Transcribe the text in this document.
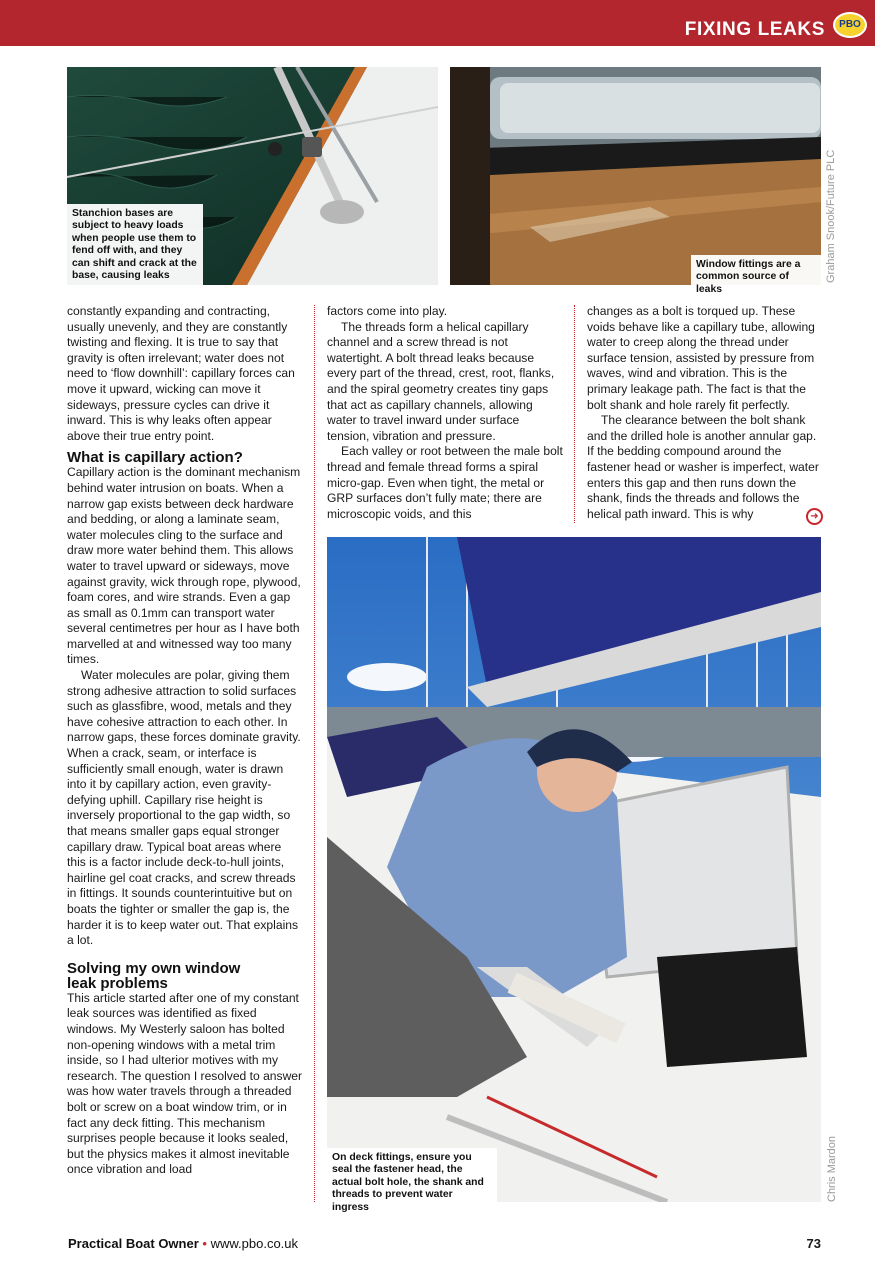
FIXING LEAKS	PBO
Stanchion bases are subject to heavy loads when people use them to fend off with, and they can shift and crack at the base, causing leaks
Window fittings are a common source of leaks
Graham Snook/Future PLC

constantly expanding and contracting, usually unevenly, and they are constantly twisting and flexing. It is true to say that gravity is often irrelevant; water does not need to ‘flow downhill’: capillary forces can move it upward, wicking can move it sideways, pressure cycles can drive it inward. This is why leaks often appear above their true entry point.

What is capillary action?

Capillary action is the dominant mechanism behind water intrusion on boats. When a narrow gap exists between deck hardware and bedding, or along a laminate seam, water molecules cling to the surface and draw more water behind them. This allows water to travel upward or sideways, move against gravity, wick through rope, plywood, foam cores, and wire strands. Even a gap as small as 0.1mm can transport water several centimetres per hour as I have both marvelled at and witnessed way too many times.

Water molecules are polar, giving them strong adhesive attraction to solid surfaces such as glassfibre, wood, metals and they have cohesive attraction to each other. In narrow gaps, these forces dominate gravity. When a crack, seam, or interface is sufficiently small enough, water is drawn into it by capillary action, even gravity-defying uphill. Capillary rise height is inversely proportional to the gap width, so that means smaller gaps equal stronger capillary draw. Typical boat areas where this is a factor include deck-to-hull joints, hairline gel coat cracks, and screw threads in fittings. It sounds counterintuitive but on boats the tighter or smaller the gap is, the harder it is to keep water out. That explains a lot.

Solving my own window leak problems

This article started after one of my constant leak sources was identified as fixed windows. My Westerly saloon has bolted non-opening windows with a metal trim inside, so I had ulterior motives with my research. The question I resolved to answer was how water travels through a threaded bolt or screw on a boat window trim, or in fact any deck fitting. This mechanism surprises people because it looks sealed, but the physics makes it almost inevitable once vibration and load

factors come into play.

The threads form a helical capillary channel and a screw thread is not watertight. A bolt thread leaks because every part of the thread, crest, root, flanks, and the spiral geometry creates tiny gaps that act as capillary channels, allowing water to travel inward under surface tension, vibration and pressure.

Each valley or root between the male bolt thread and female thread forms a spiral micro-gap. Even when tight, the metal or GRP surfaces don’t fully mate; there are microscopic voids, and this

changes as a bolt is torqued up. These voids behave like a capillary tube, allowing water to creep along the thread under surface tension, assisted by pressure from waves, wind and vibration. This is the primary leakage path. The fact is that the bolt shank and hole rarely fit perfectly.

The clearance between the bolt shank and the drilled hole is another annular gap. If the bedding compound around the fastener head or washer is imperfect, water enters this gap and then runs down the shank, finds the threads and follows the helical path inward. This is why	➜
On deck fittings, ensure you seal the fastener head, the actual bolt hole, the shank and threads to prevent water ingress
Chris Mardon
Practical Boat Owner • www.pbo.co.uk	73
